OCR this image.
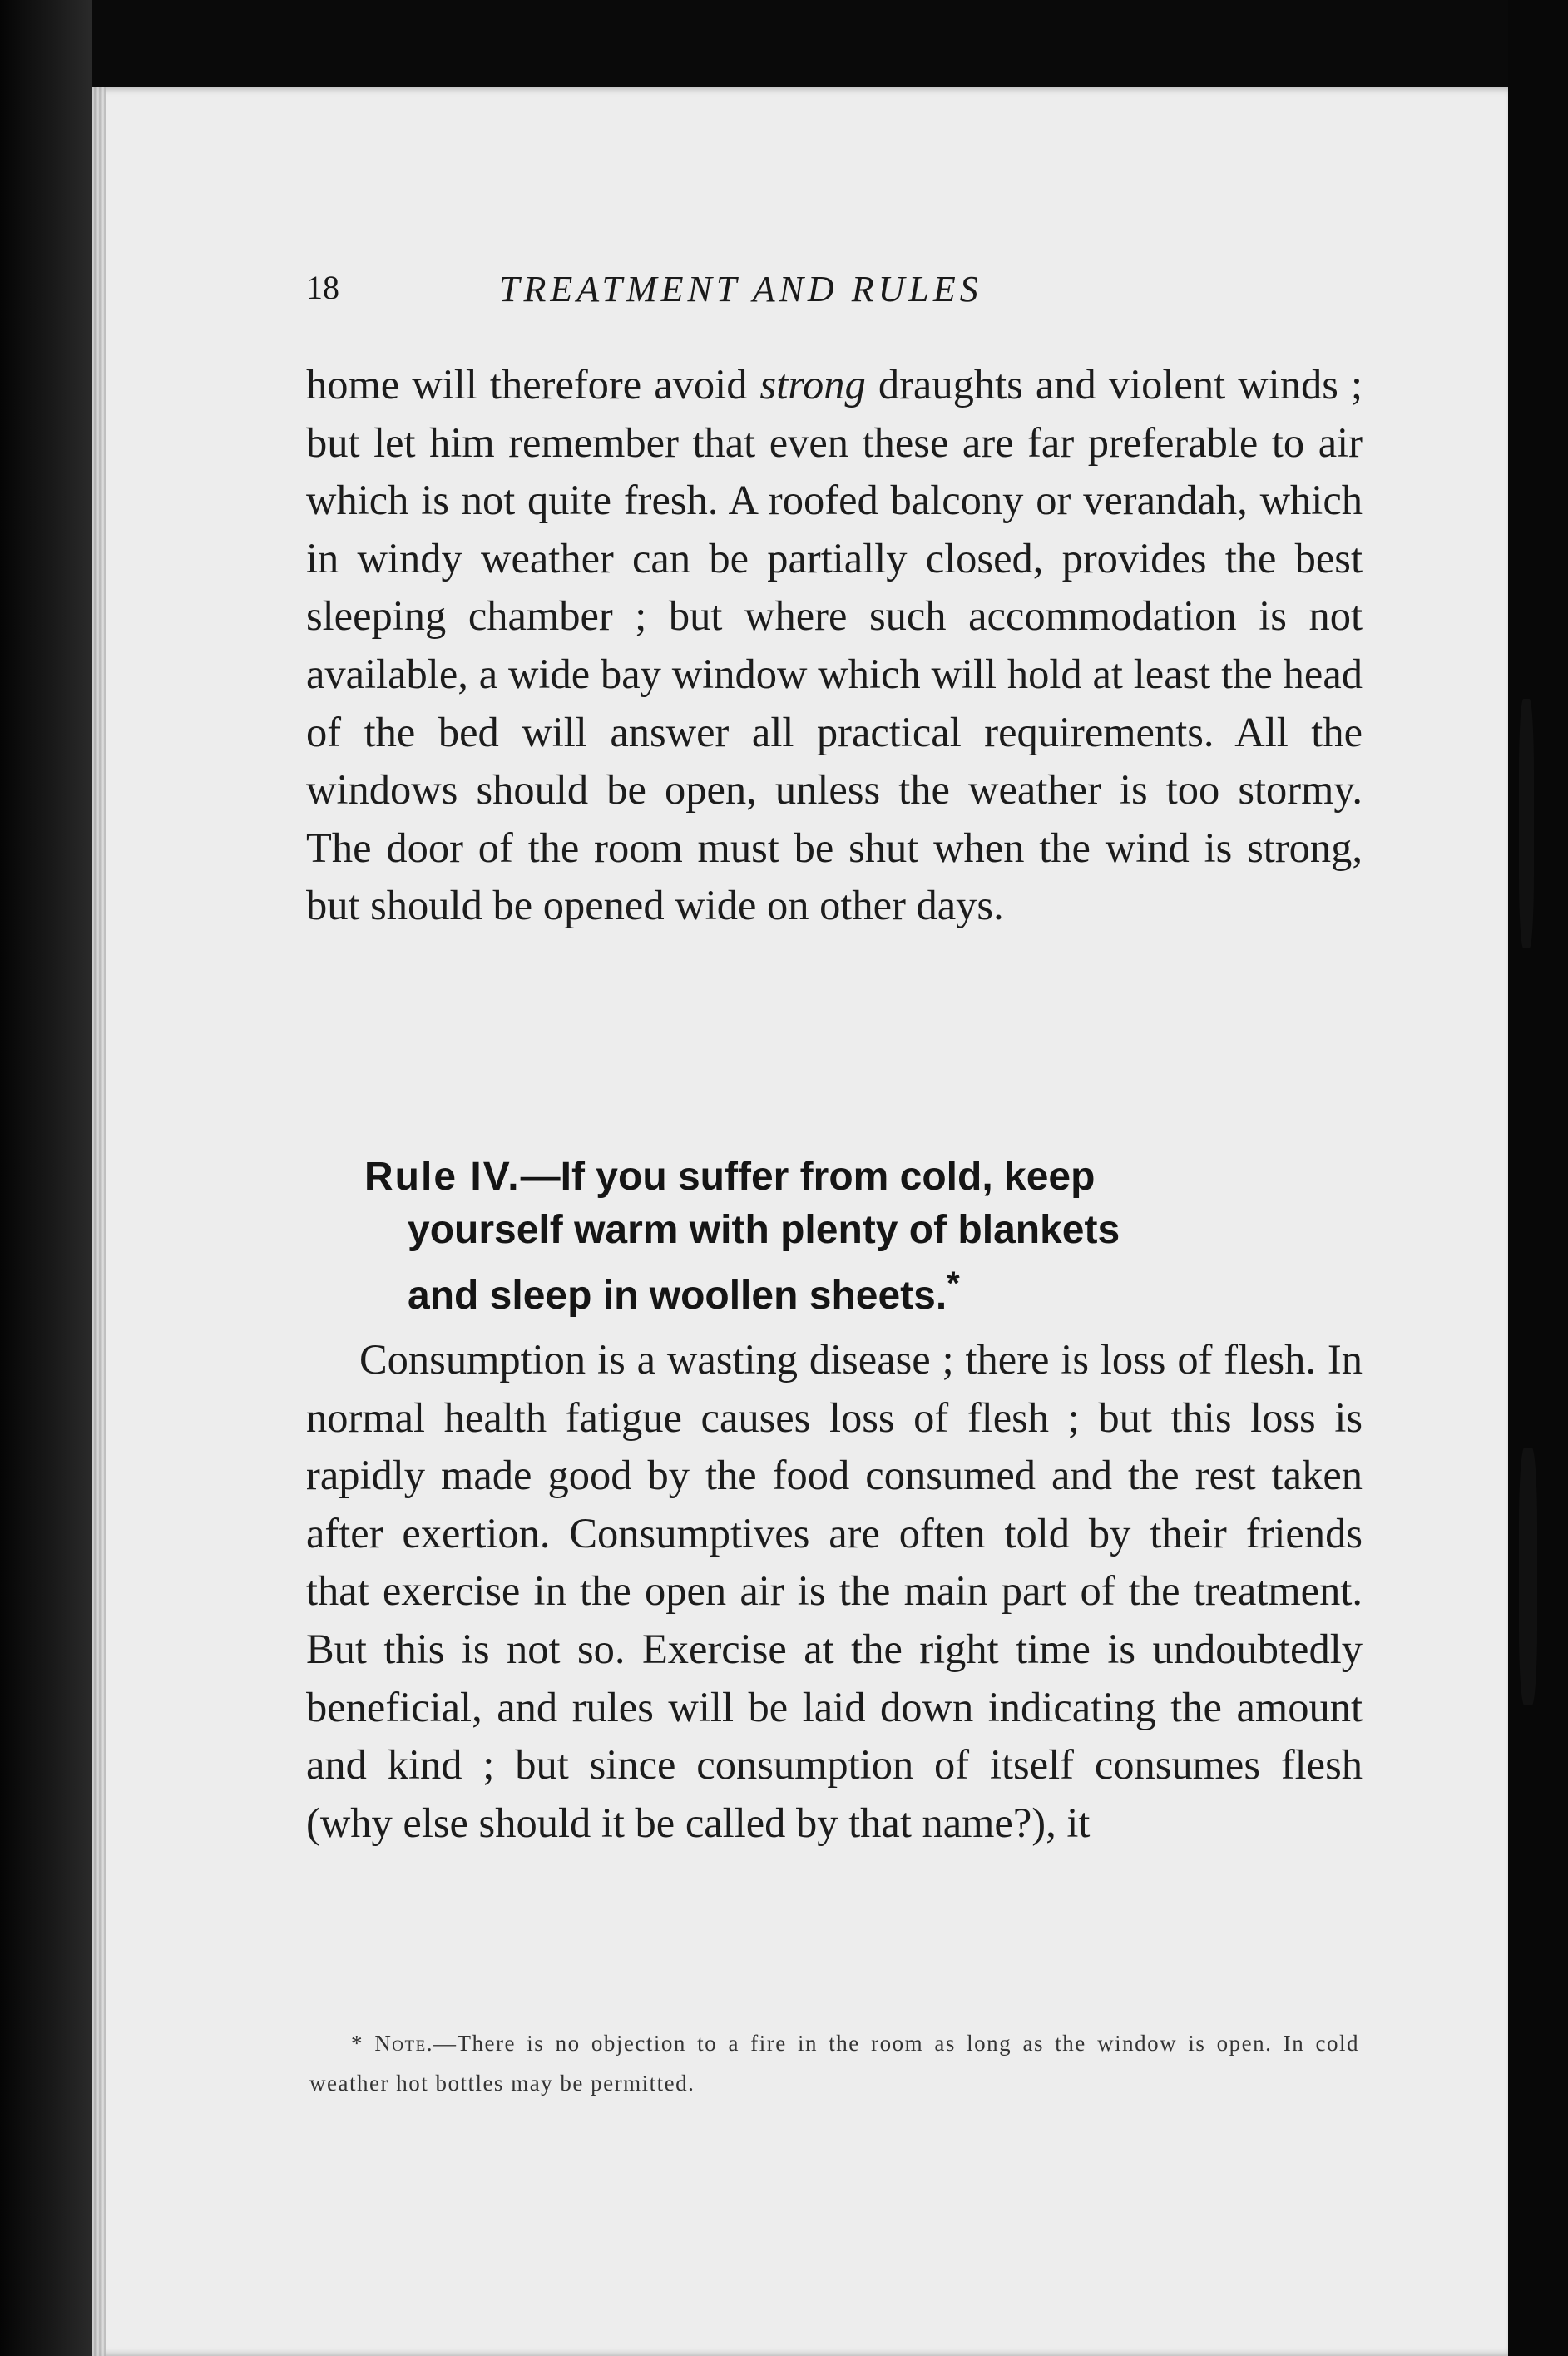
18	TREATMENT AND RULES
home will therefore avoid strong draughts and violent winds ; but let him remember that even these are far preferable to air which is not quite fresh. A roofed balcony or verandah, which in windy weather can be partially closed, provides the best sleeping chamber ; but where such accommodation is not available, a wide bay window which will hold at least the head of the bed will answer all practical requirements. All the windows should be open, unless the weather is too stormy. The door of the room must be shut when the wind is strong, but should be opened wide on other days.
Rule IV.—If you suffer from cold, keep
yourself warm with plenty of blankets
and sleep in woollen sheets.*
Consumption is a wasting disease ; there is loss of flesh. In normal health fatigue causes loss of flesh ; but this loss is rapidly made good by the food consumed and the rest taken after exertion. Consumptives are often told by their friends that exercise in the open air is the main part of the treatment. But this is not so. Exercise at the right time is undoubtedly beneficial, and rules will be laid down indicating the amount and kind ; but since consumption of itself consumes flesh (why else should it be called by that name?), it
* Note.—There is no objection to a fire in the room as long as the window is open. In cold weather hot bottles may be permitted.
